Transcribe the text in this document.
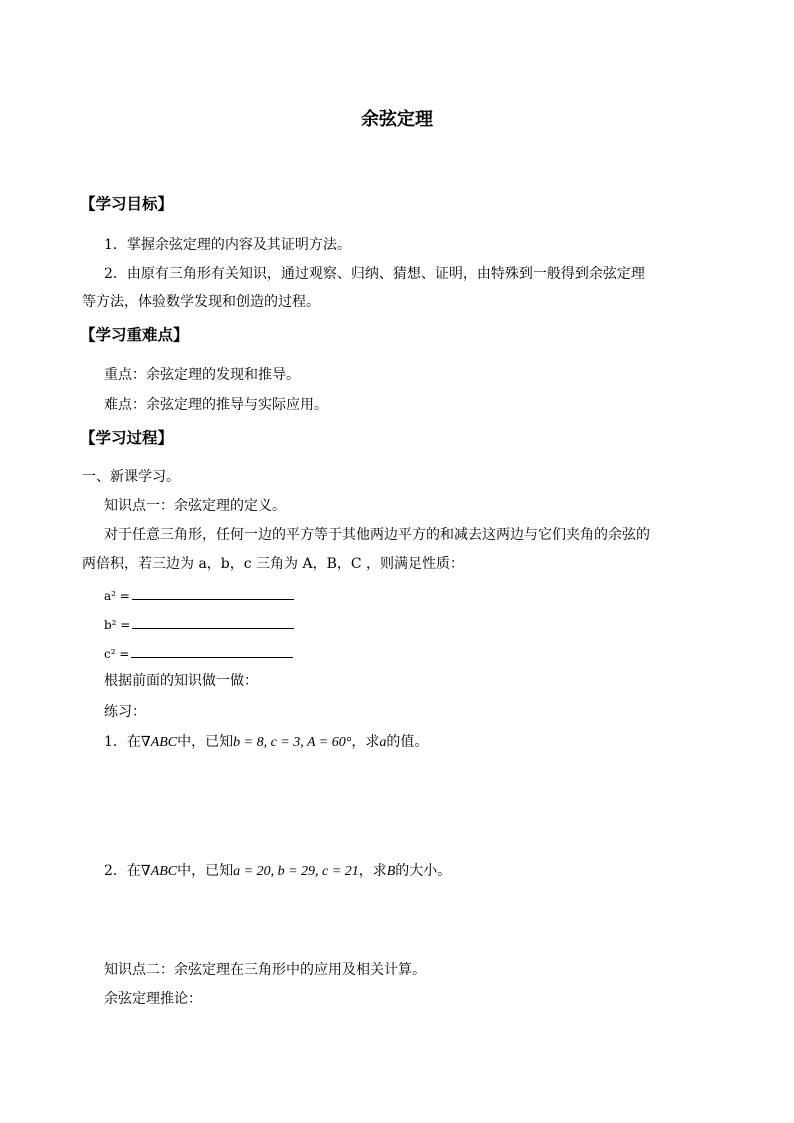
余弦定理
【学习目标】
1．掌握余弦定理的内容及其证明方法。
2．由原有三角形有关知识，通过观察、归纳、猜想、证明，由特殊到一般得到余弦定理
等方法，体验数学发现和创造的过程。
【学习重难点】
重点：余弦定理的发现和推导。
难点：余弦定理的推导与实际应用。
【学习过程】
一、新课学习。
知识点一：余弦定理的定义。
对于任意三角形，任何一边的平方等于其他两边平方的和减去这两边与它们夹角的余弦的
两倍积，若三边为 a，b，c 三角为 A，B，C ，则满足性质：
a² =
b² =
c² =
根据前面的知识做一做：
练习：
1．在∇ABC中，已知b = 8, c = 3, A = 60°，求a的值。
2．在∇ABC中，已知a = 20, b = 29, c = 21，求B的大小。
知识点二：余弦定理在三角形中的应用及相关计算。
余弦定理推论：
